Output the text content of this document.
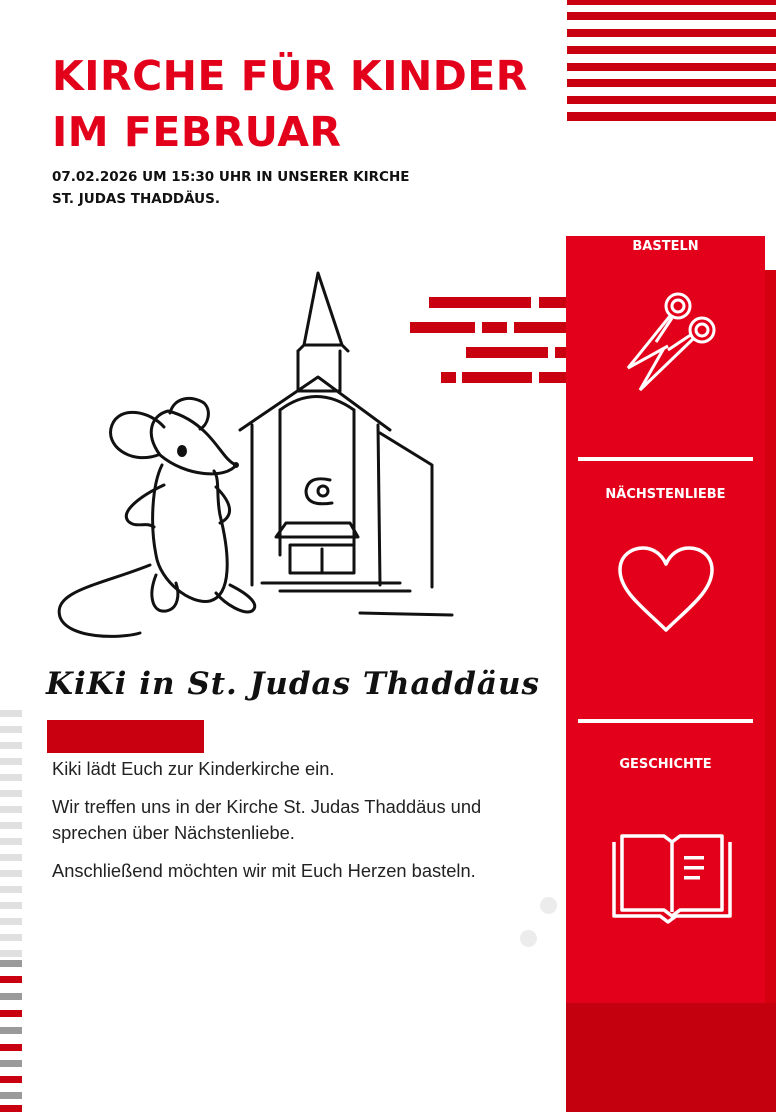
KIRCHE FÜR KINDER
IM FEBRUAR
07.02.2026 UM 15:30 UHR IN UNSERER KIRCHE
ST. JUDAS THADDÄUS.
BASTELN
NÄCHSTENLIEBE
GESCHICHTE
KiKi in St. Judas Thaddäus

Kiki lädt Euch zur Kinderkirche ein.

Wir treffen uns in der Kirche St. Judas Thaddäus und sprechen über Nächstenliebe.

Anschließend möchten wir mit Euch Herzen basteln.
